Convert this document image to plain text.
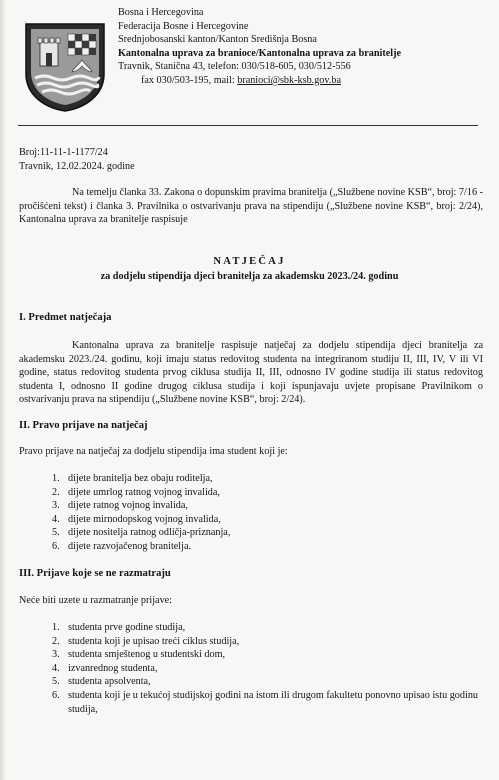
Bosna i Hercegovina
Federacija Bosne i Hercegovine
Srednjobosanski kanton/Kanton Središnja Bosna
Kantonalna uprava za branioce/Kantonalna uprava za branitelje
Travnik, Stanična 43, telefon: 030/518-605, 030/512-556
fax 030/503-195, mail: branioci@sbk-ksb.gov.ba
Broj:11-11-1-1177/24
Travnik, 12.02.2024. godine
Na temelju članka 33. Zakona o dopunskim pravima branitelja („Službene novine KSB“, broj: 7/16 - pročišćeni tekst) i članka 3. Pravilnika o ostvarivanju prava na stipendiju („Službene novine KSB“, broj: 2/24), Kantonalna uprava za branitelje raspisuje
NATJEČAJ
za dodjelu stipendija djeci branitelja za akademsku 2023./24. godinu
I. Predmet natječaja
Kantonalna uprava za branitelje raspisuje natječaj za dodjelu stipendija djeci branitelja za akademsku 2023./24. godinu, koji imaju status redovitog studenta na integriranom studiju II, III, IV, V ili VI godine, status redovitog studenta prvog ciklusa studija II, III, odnosno IV godine studija ili status redovitog studenta I, odnosno II godine drugog ciklusa studija i koji ispunjavaju uvjete propisane Pravilnikom o ostvarivanju prava na stipendiju („Službene novine KSB“, broj: 2/24).
II. Pravo prijave na natječaj
Pravo prijave na natječaj za dodjelu stipendija ima student koji je:
1. dijete branitelja bez obaju roditelja,
2. dijete umrlog ratnog vojnog invalida,
3. dijete ratnog vojnog invalida,
4. dijete mirnodopskog vojnog invalida,
5. dijete nositelja ratnog odličja-priznanja,
6. dijete razvojačenog branitelja.
III. Prijave koje se ne razmatraju
Neće biti uzete u razmatranje prijave:
1. studenta prve godine studija,
2. studenta koji je upisao treći ciklus studija,
3. studenta smještenog u studentski dom,
4. izvanrednog studenta,
5. studenta apsolventa,
6. studenta koji je u tekućoj studijskoj godini na istom ili drugom fakultetu ponovno upisao istu godinu studija,
